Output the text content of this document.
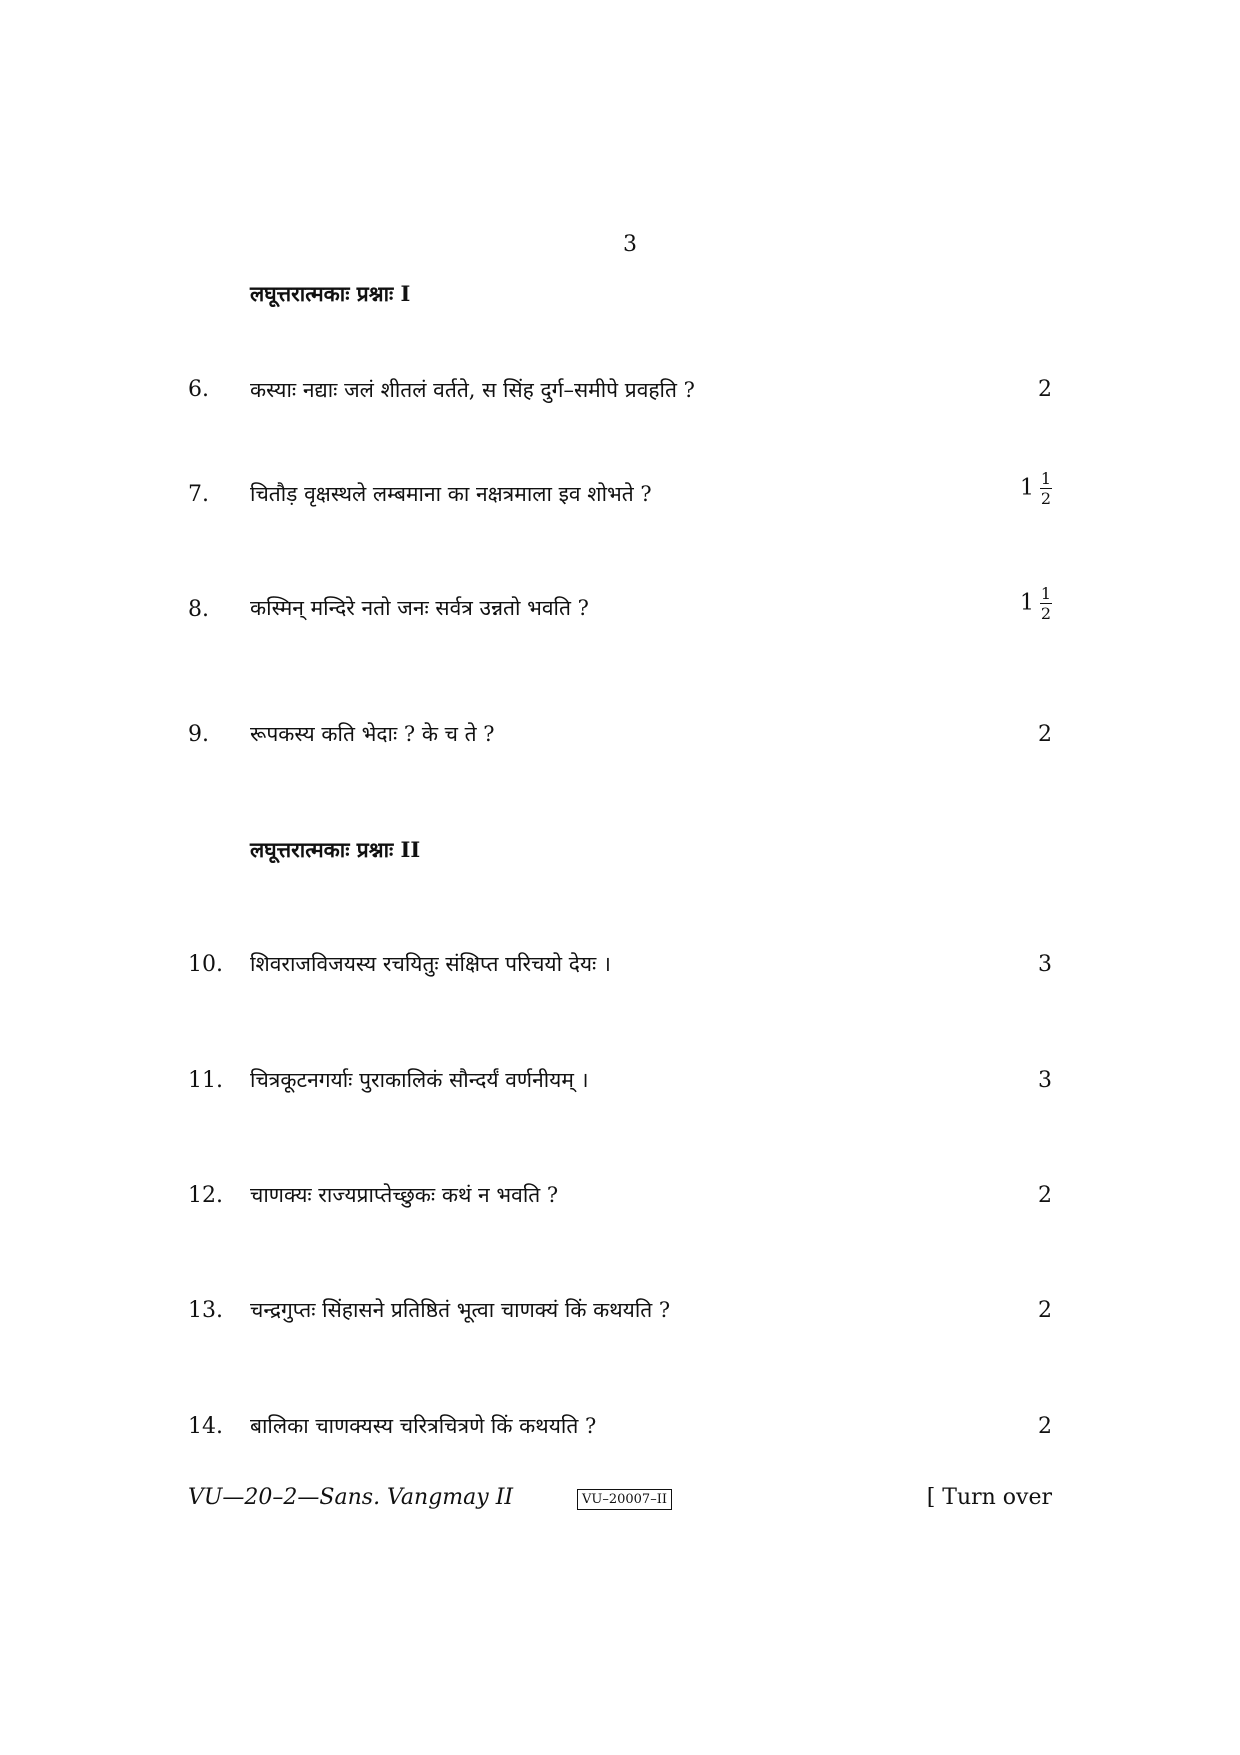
3
लघूत्तरात्मकाः प्रश्नाः I
6. कस्याः नद्याः जलं शीतलं वर्तते, स सिंह दुर्ग–समीपे प्रवहति ?	2
7. चितौड़ वृक्षस्थले लम्बमाना का नक्षत्रमाला इव शोभते ?	$1 \frac{1}{2}$
8. कस्मिन् मन्दिरे नतो जनः सर्वत्र उन्नतो भवति ?	$1 \frac{1}{2}$
9. रूपकस्य कति भेदाः ? के च ते ?	2
लघूत्तरात्मकाः प्रश्नाः II
10. शिवराजविजयस्य रचयितुः संक्षिप्त परिचयो देयः ।	3
11. चित्रकूटनगर्याः पुराकालिकं सौन्दर्यं वर्णनीयम् ।	3
12. चाणक्यः राज्यप्राप्तेच्छुकः कथं न भवति ?	2
13. चन्द्रगुप्तः सिंहासने प्रतिष्ठितं भूत्वा चाणक्यं किं कथयति ?	2
14. बालिका चाणक्यस्य चरित्रचित्रणे किं कथयति ?	2
VU—20–2—Sans. Vangmay II	VU–20007–II	[ Turn over
